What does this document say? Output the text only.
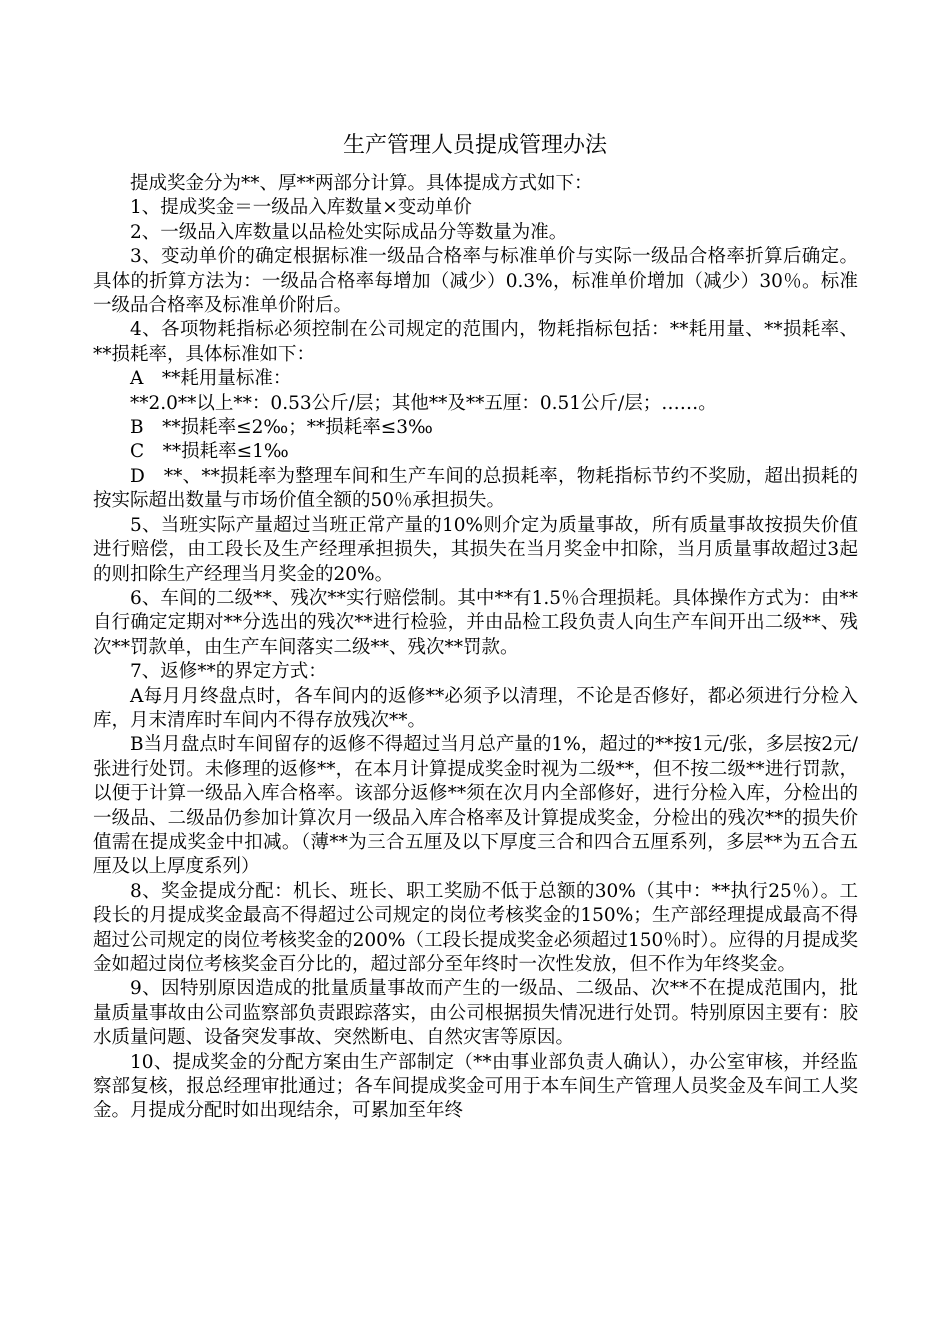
生产管理人员提成管理办法

提成奖金分为**、厚**两部分计算。具体提成方式如下：

1、提成奖金＝一级品入库数量×变动单价

2、一级品入库数量以品检处实际成品分等数量为准。

3、变动单价的确定根据标准一级品合格率与标准单价与实际一级品合格率折算后确定。具体的折算方法为：一级品合格率每增加（减少）0.3%，标准单价增加（减少）30％。标准一级品合格率及标准单价附后。

4、各项物耗指标必须控制在公司规定的范围内，物耗指标包括：**耗用量、**损耗率、**损耗率，具体标准如下：

A　**耗用量标准：

**2.0**以上**：0.53公斤/层；其他**及**五厘：0.51公斤/层；……。

B　**损耗率≤2‰；**损耗率≤3‰

C　**损耗率≤1‰

D　**、**损耗率为整理车间和生产车间的总损耗率，物耗指标节约不奖励，超出损耗的按实际超出数量与市场价值全额的50％承担损失。

5、当班实际产量超过当班正常产量的10%则介定为质量事故，所有质量事故按损失价值进行赔偿，由工段长及生产经理承担损失，其损失在当月奖金中扣除，当月质量事故超过3起的则扣除生产经理当月奖金的20%。

6、车间的二级**、残次**实行赔偿制。其中**有1.5％合理损耗。具体操作方式为：由**自行确定定期对**分选出的残次**进行检验，并由品检工段负责人向生产车间开出二级**、残次**罚款单，由生产车间落实二级**、残次**罚款。

7、返修**的界定方式：

A每月月终盘点时，各车间内的返修**必须予以清理，不论是否修好，都必须进行分检入库，月末清库时车间内不得存放残次**。

B当月盘点时车间留存的返修不得超过当月总产量的1%，超过的**按1元/张，多层按2元/张进行处罚。未修理的返修**，在本月计算提成奖金时视为二级**，但不按二级**进行罚款，以便于计算一级品入库合格率。该部分返修**须在次月内全部修好，进行分检入库，分检出的一级品、二级品仍参加计算次月一级品入库合格率及计算提成奖金，分检出的残次**的损失价值需在提成奖金中扣减。（薄**为三合五厘及以下厚度三合和四合五厘系列，多层**为五合五厘及以上厚度系列）

8、奖金提成分配：机长、班长、职工奖励不低于总额的30%（其中：**执行25％）。工段长的月提成奖金最高不得超过公司规定的岗位考核奖金的150%；生产部经理提成最高不得超过公司规定的岗位考核奖金的200%（工段长提成奖金必须超过150％时）。应得的月提成奖金如超过岗位考核奖金百分比的，超过部分至年终时一次性发放，但不作为年终奖金。

9、因特别原因造成的批量质量事故而产生的一级品、二级品、次**不在提成范围内，批量质量事故由公司监察部负责跟踪落实，由公司根据损失情况进行处罚。特别原因主要有：胶水质量问题、设备突发事故、突然断电、自然灾害等原因。

10、提成奖金的分配方案由生产部制定（**由事业部负责人确认），办公室审核，并经监察部复核，报总经理审批通过；各车间提成奖金可用于本车间生产管理人员奖金及车间工人奖金。月提成分配时如出现结余，可累加至年终
